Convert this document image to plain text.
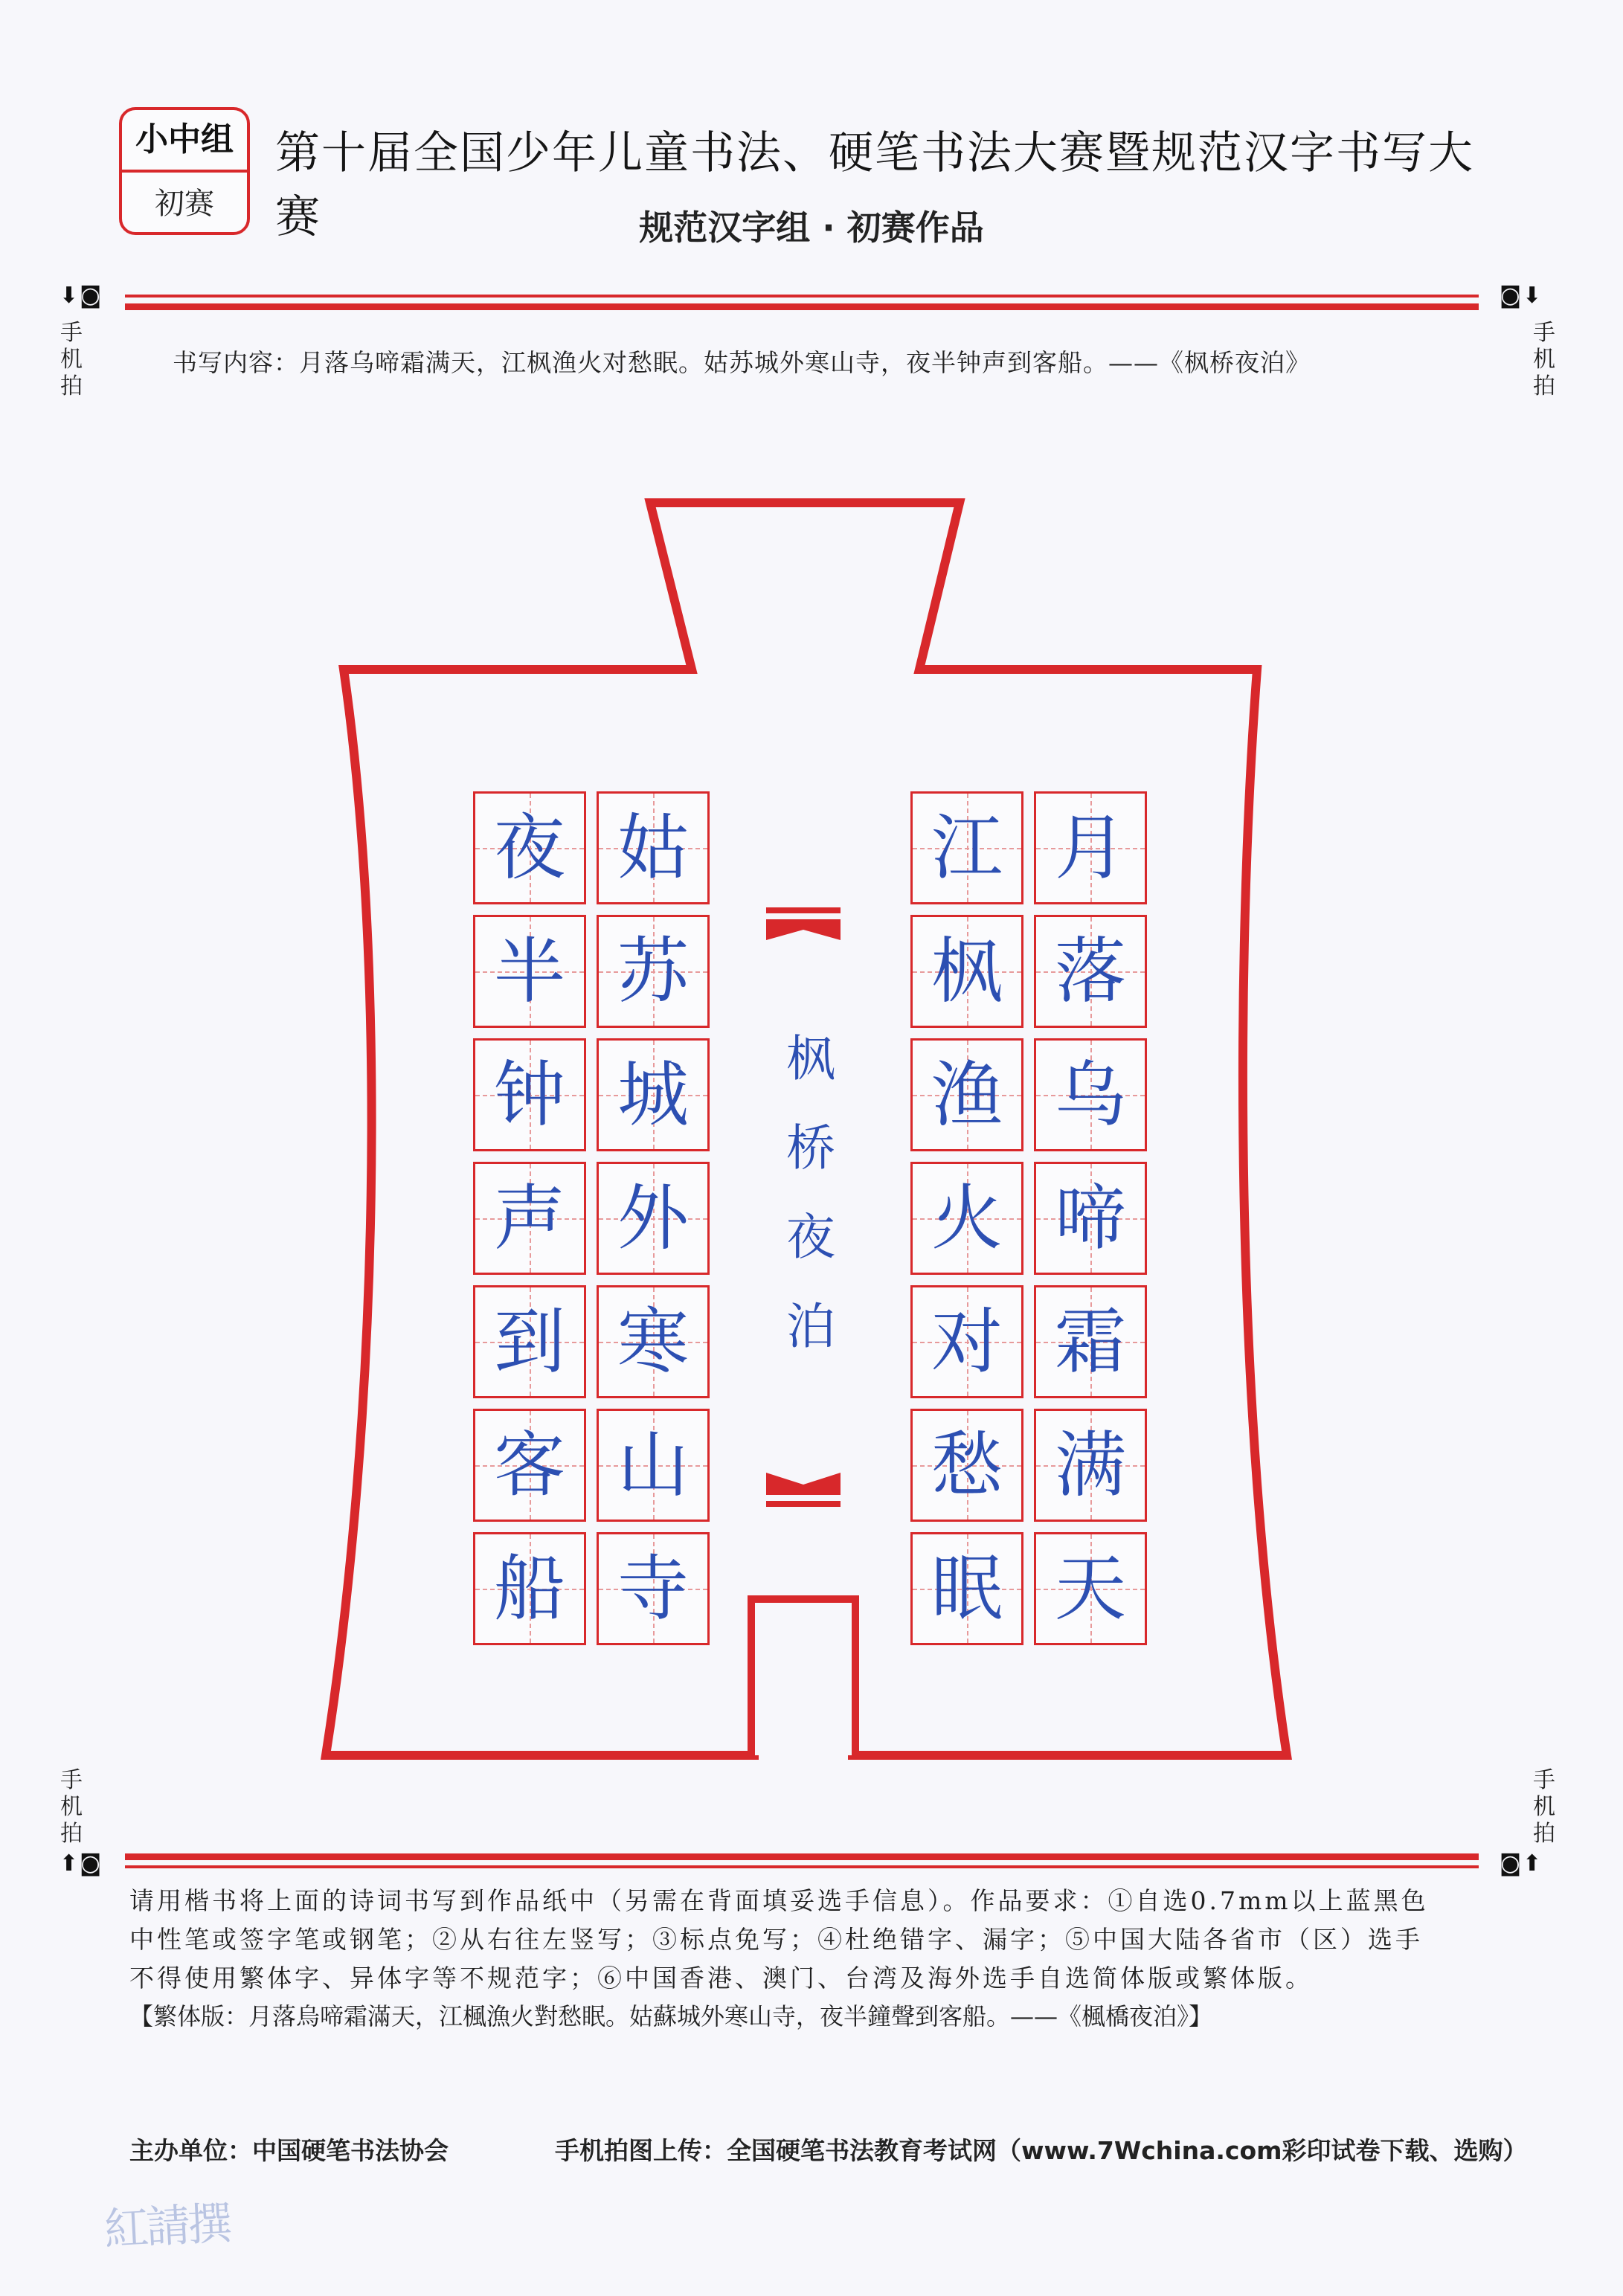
小中组
初赛
第十届全国少年儿童书法、硬笔书法大赛暨规范汉字书写大赛	规范汉字组 · 初赛作品
⬇◙	◙⬇
⬆◙	◙⬆
手
机
拍
手
机
拍
手
机
拍
手
机
拍
书写内容：月落乌啼霜满天，江枫渔火对愁眠。姑苏城外寒山寺，夜半钟声到客船。——《枫桥夜泊》
枫
桥
夜
泊
月
落
乌
啼
霜
满
天
江
枫
渔
火
对
愁
眠
姑
苏
城
外
寒
山
寺
夜
半
钟
声
到
客
船
请用楷书将上面的诗词书写到作品纸中（另需在背面填妥选手信息）。作品要求：①自选0.7mm以上蓝黑色
中性笔或签字笔或钢笔；②从右往左竖写；③标点免写；④杜绝错字、漏字；⑤中国大陆各省市（区）选手
不得使用繁体字、异体字等不规范字；⑥中国香港、澳门、台湾及海外选手自选简体版或繁体版。
【繁体版：月落烏啼霜滿天，江楓漁火對愁眠。姑蘇城外寒山寺，夜半鐘聲到客船。——《楓橋夜泊》】
主办单位：中国硬笔书法协会	手机拍图上传：全国硬笔书法教育考试网（www.7Wchina.com彩印试卷下载、选购）
紅請撰
